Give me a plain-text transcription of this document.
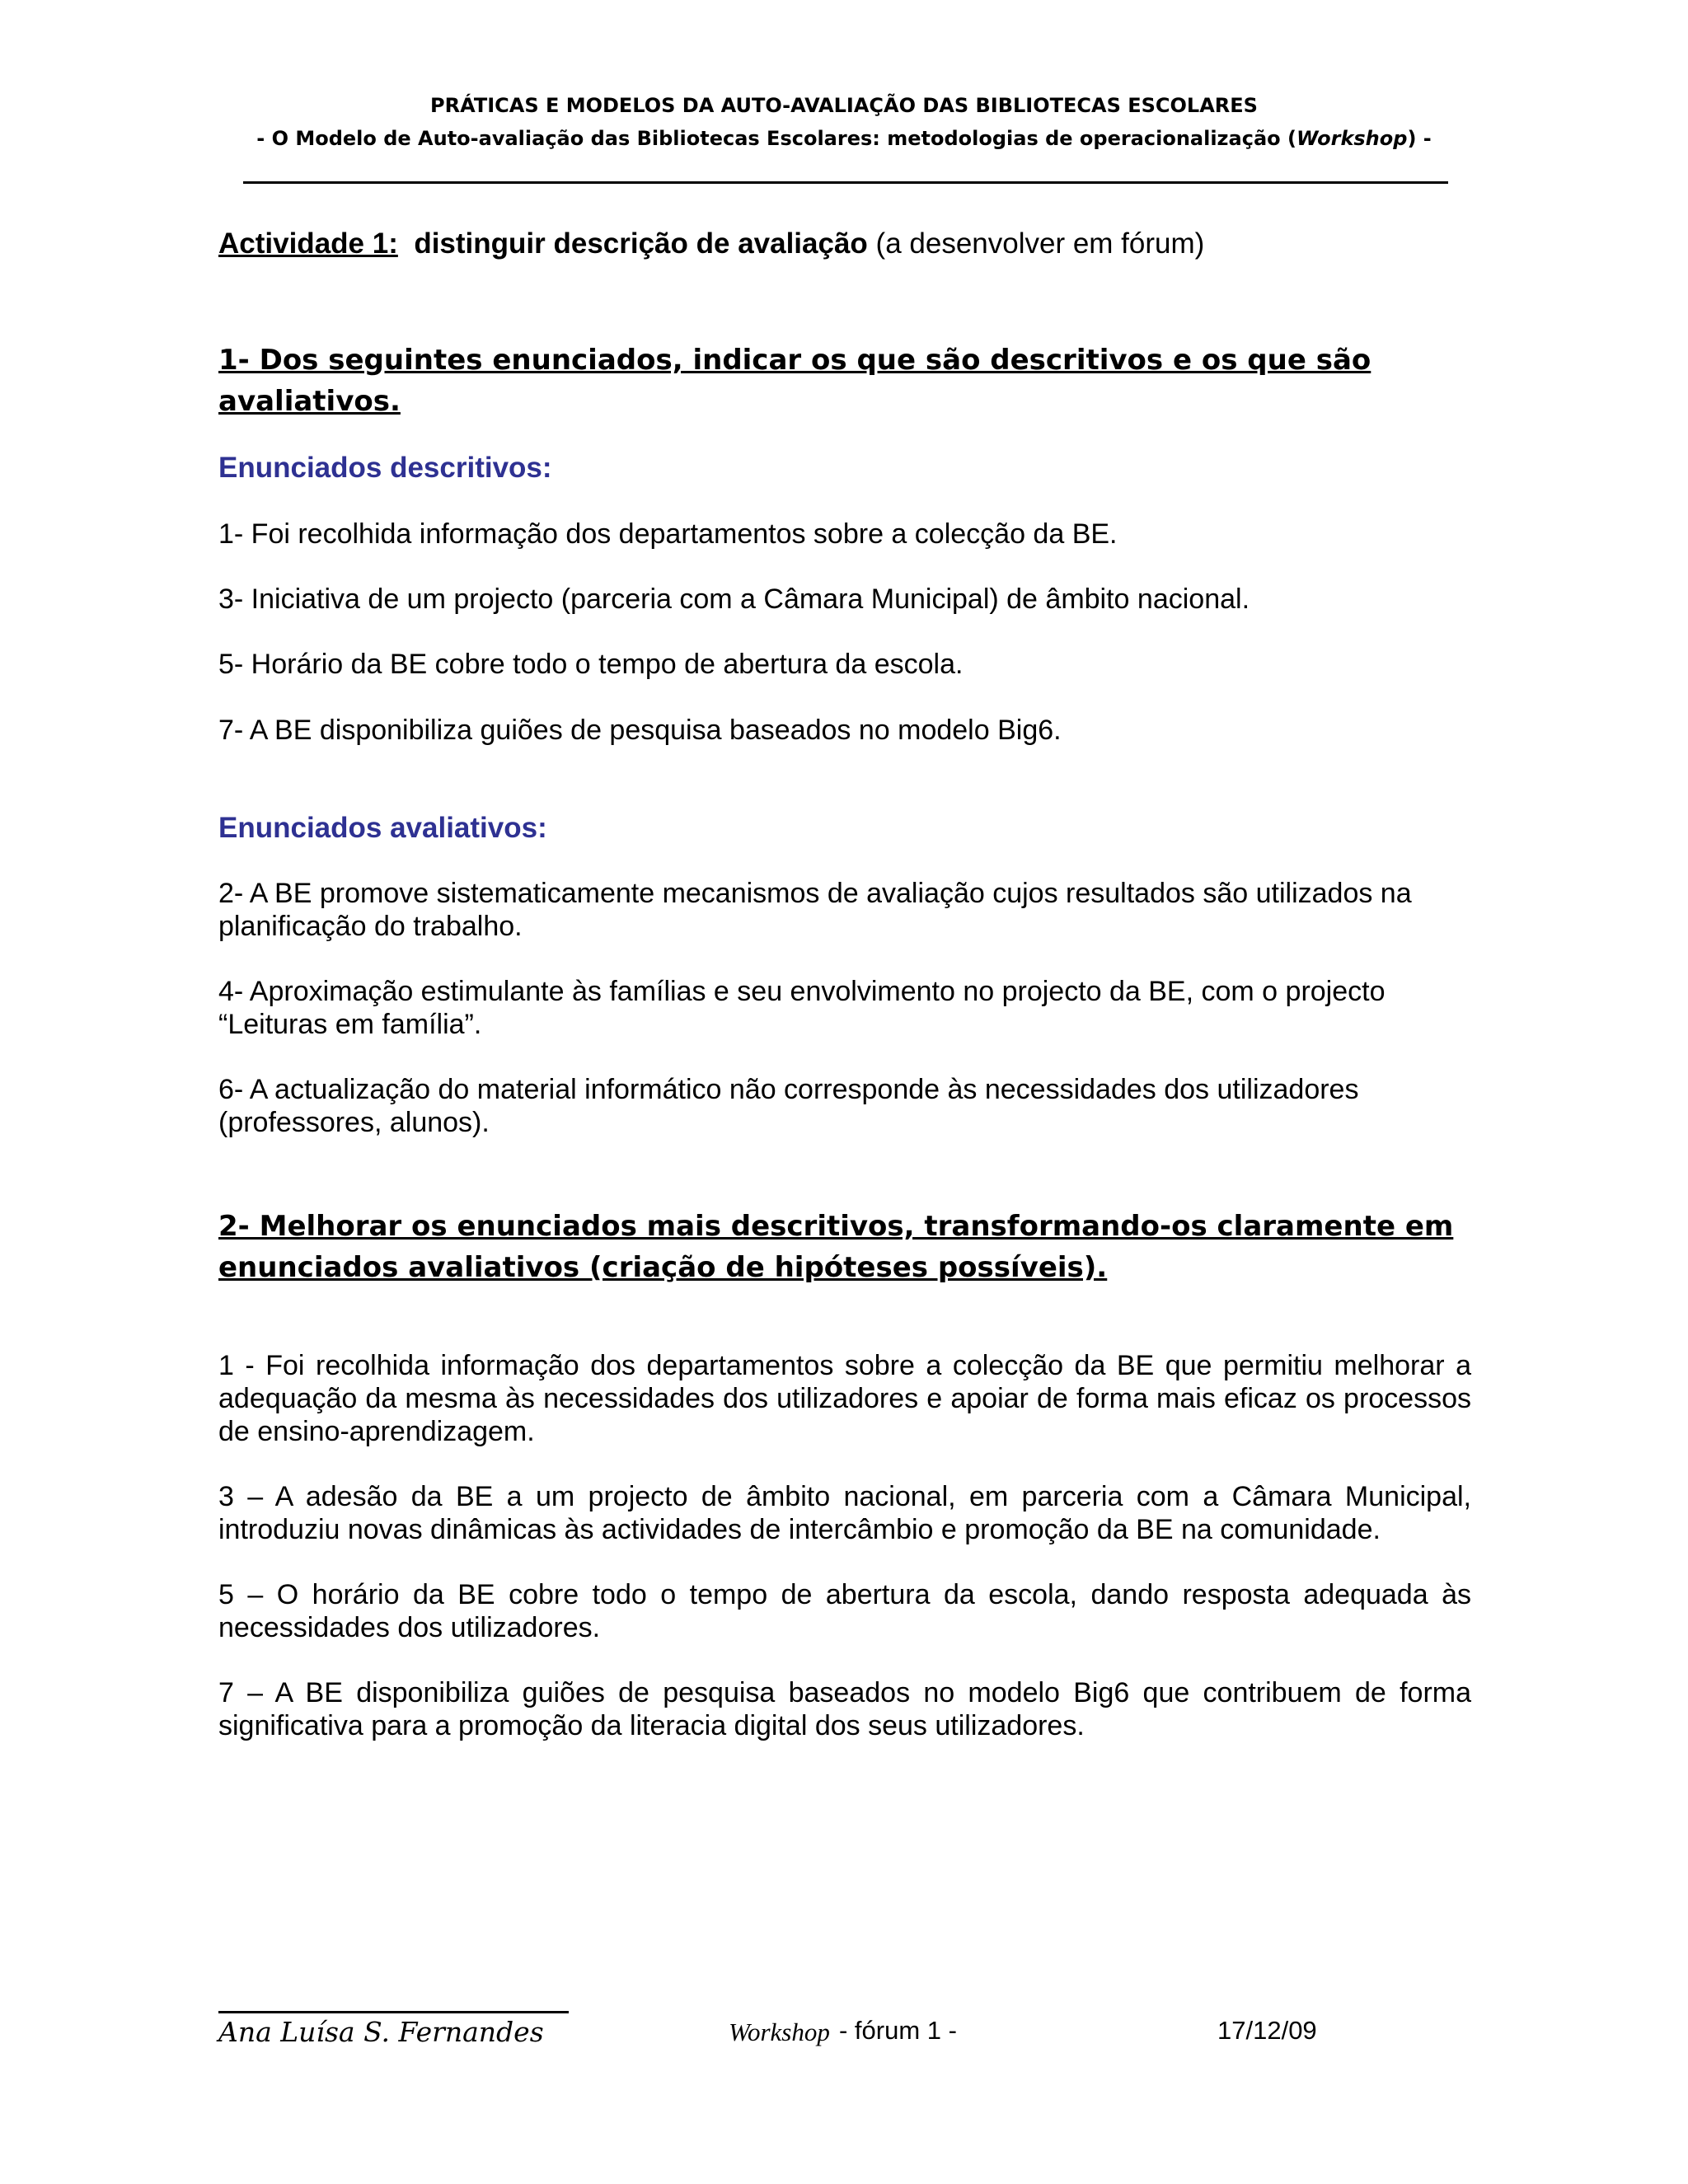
PRÁTICAS E MODELOS DA AUTO-AVALIAÇÃO DAS BIBLIOTECAS ESCOLARES
- O Modelo de Auto-avaliação das Bibliotecas Escolares: metodologias de operacionalização (Workshop) -
Actividade 1: distinguir descrição de avaliação (a desenvolver em fórum)
1- Dos seguintes enunciados, indicar os que são descritivos e os que são avaliativos.
Enunciados descritivos:
1- Foi recolhida informação dos departamentos sobre a colecção da BE.
3- Iniciativa de um projecto (parceria com a Câmara Municipal) de âmbito nacional.
5- Horário da BE cobre todo o tempo de abertura da escola.
7- A BE disponibiliza guiões de pesquisa baseados no modelo Big6.
Enunciados avaliativos:
2- A BE promove sistematicamente mecanismos de avaliação cujos resultados são utilizados na planificação do trabalho.
4- Aproximação estimulante às famílias e seu envolvimento no projecto da BE, com o projecto “Leituras em família”.
6- A actualização do material informático não corresponde às necessidades dos utilizadores (professores, alunos).
2- Melhorar os enunciados mais descritivos, transformando-os claramente em enunciados avaliativos (criação de hipóteses possíveis).
1 - Foi recolhida informação dos departamentos sobre a colecção da BE que permitiu melhorar a adequação da mesma às necessidades dos utilizadores e apoiar de forma mais eficaz os processos de ensino-aprendizagem.
3 – A adesão da BE a um projecto de âmbito nacional, em parceria com a Câmara Municipal, introduziu novas dinâmicas às actividades de intercâmbio e promoção da BE na comunidade.
5 – O horário da BE cobre todo o tempo de abertura da escola, dando resposta adequada às necessidades dos utilizadores.
7 – A BE disponibiliza guiões de pesquisa baseados no modelo Big6 que contribuem de forma significativa para a promoção da literacia digital dos seus utilizadores.
Ana Luísa S. Fernandes	Workshop - fórum 1 -	17/12/09
